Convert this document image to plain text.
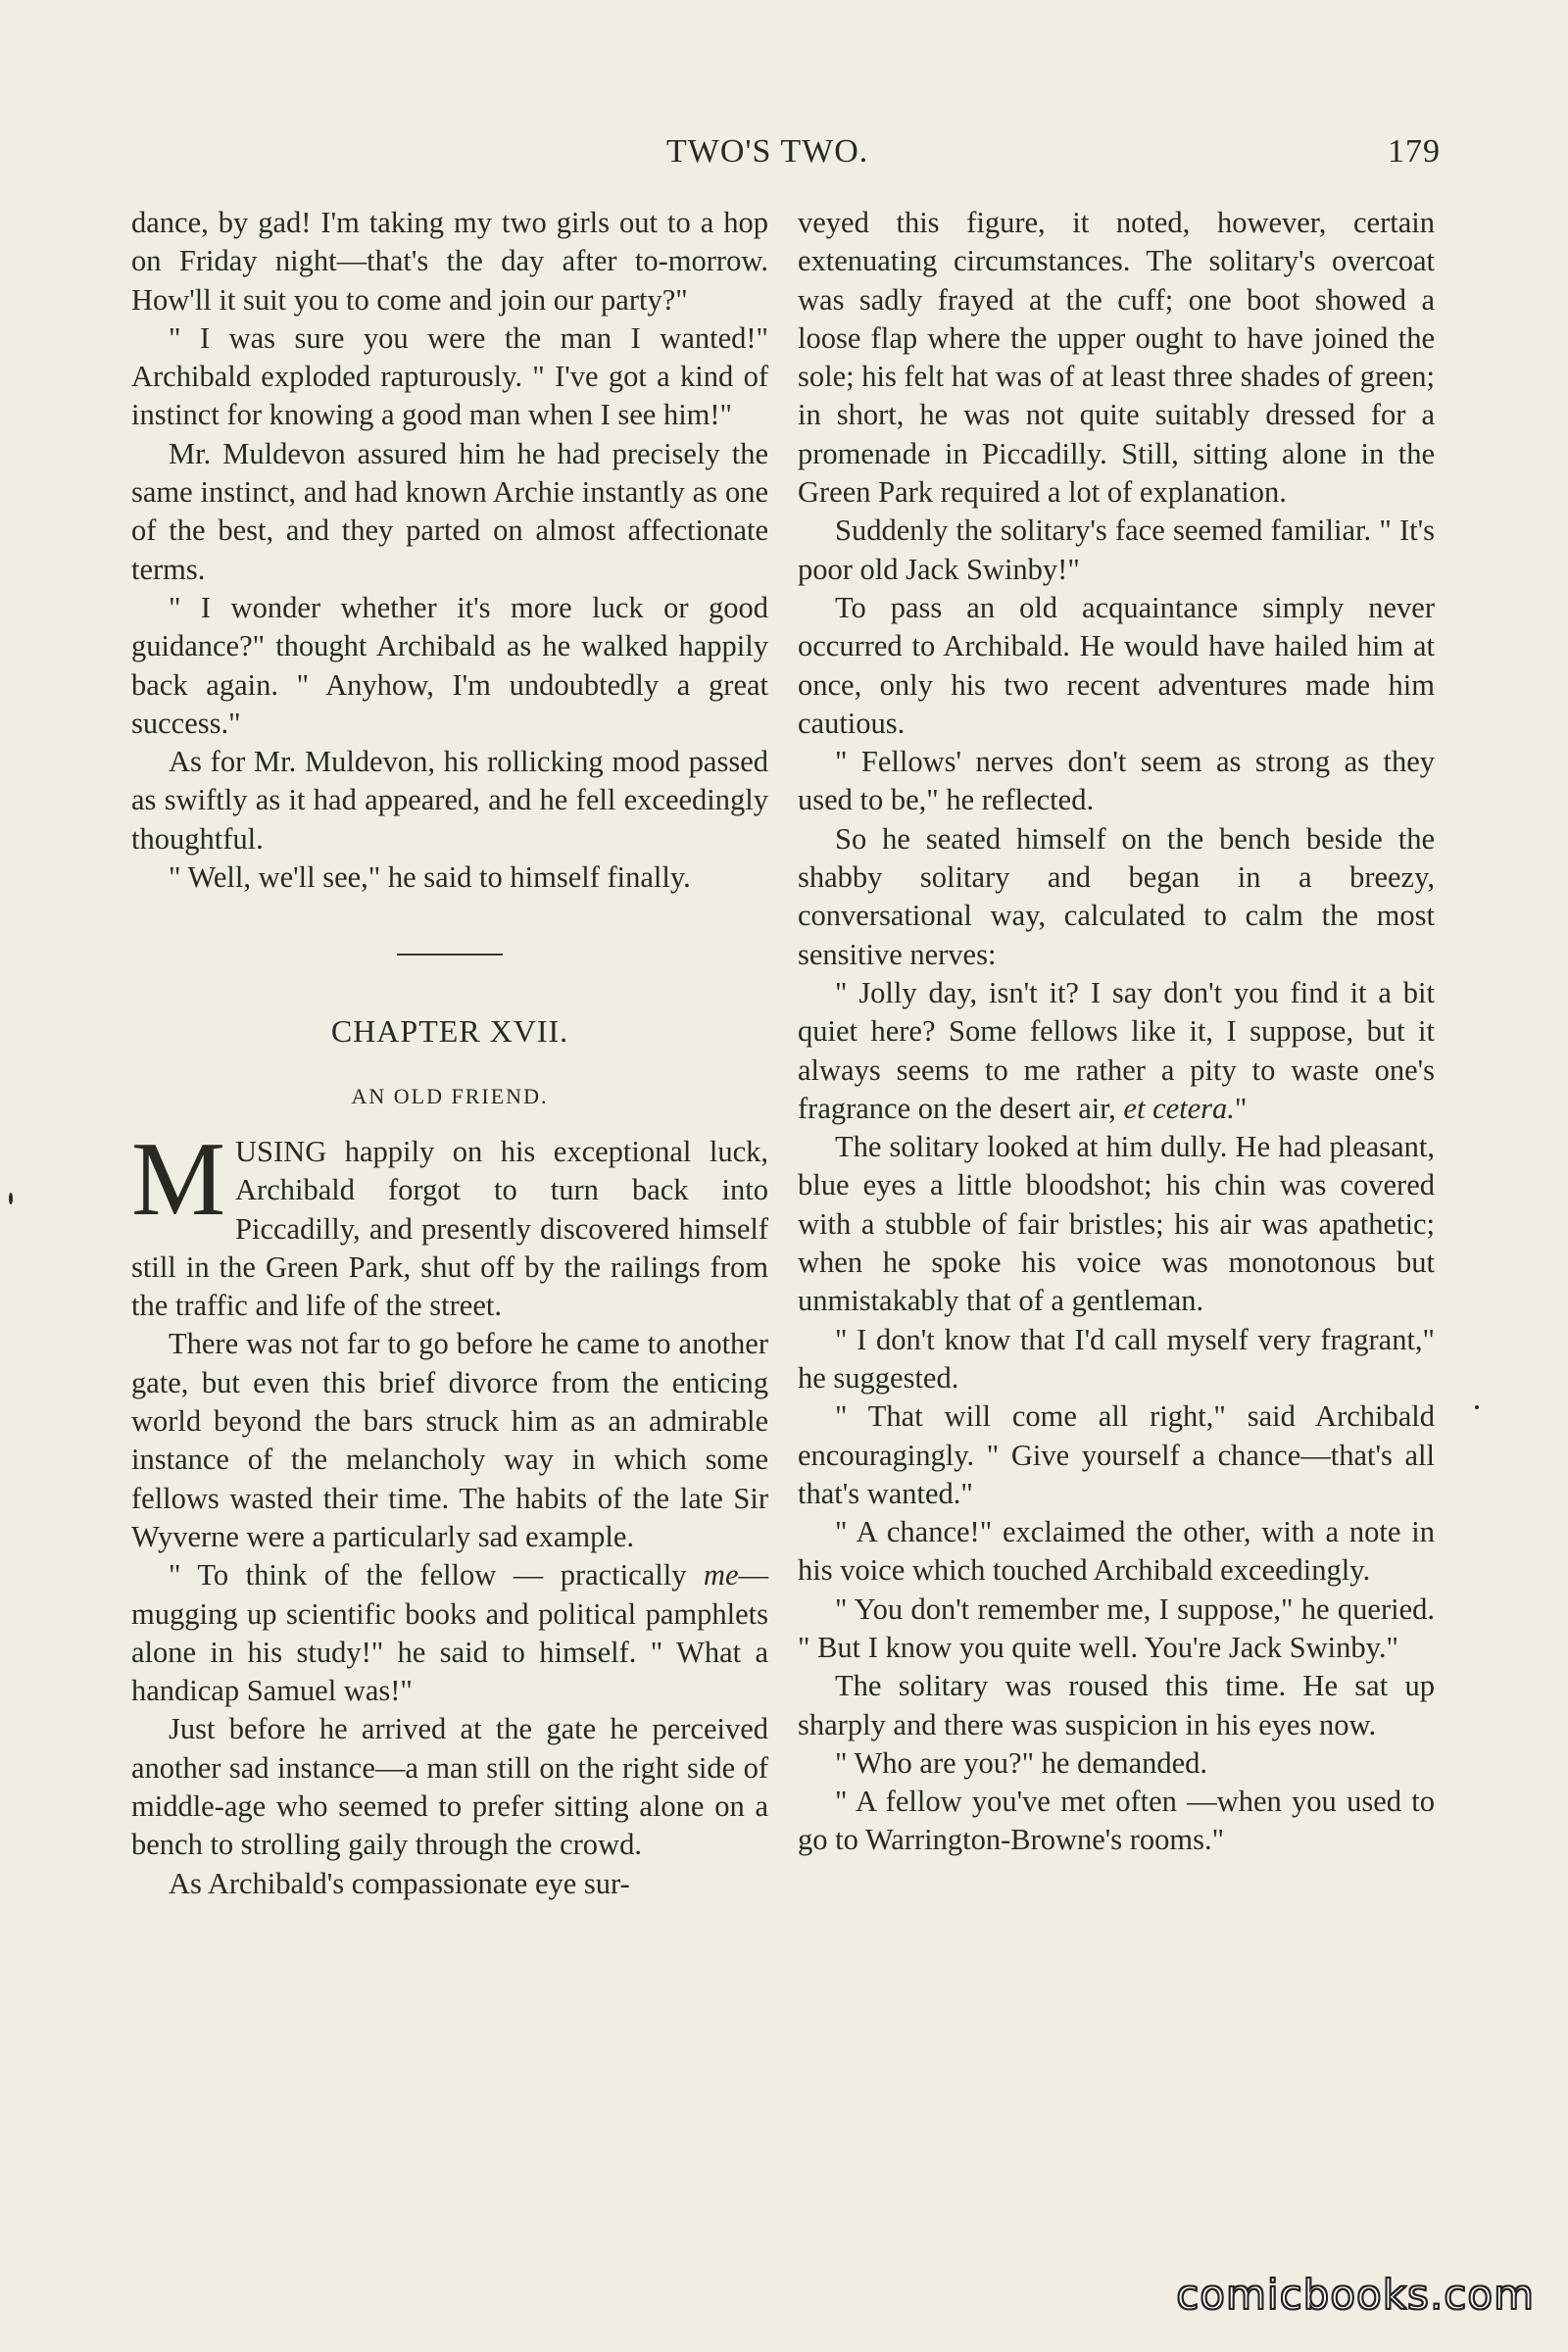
TWO'S TWO.	179

dance, by gad! I'm taking my two girls out to a hop on Friday night—that's the day after to-morrow. How'll it suit you to come and join our party?"

" I was sure you were the man I wanted!" Archibald exploded rapturously. " I've got a kind of instinct for knowing a good man when I see him!"

Mr. Muldevon assured him he had precisely the same instinct, and had known Archie instantly as one of the best, and they parted on almost affectionate terms.

" I wonder whether it's more luck or good guidance?" thought Archibald as he walked happily back again. " Anyhow, I'm undoubtedly a great success."

As for Mr. Muldevon, his rollicking mood passed as swiftly as it had appeared, and he fell exceedingly thoughtful.

" Well, we'll see," he said to himself finally.

CHAPTER XVII.
AN OLD FRIEND.

MUSING happily on his exceptional luck, Archibald forgot to turn back into Piccadilly, and presently discovered himself still in the Green Park, shut off by the railings from the traffic and life of the street.

There was not far to go before he came to another gate, but even this brief divorce from the enticing world beyond the bars struck him as an admirable instance of the melancholy way in which some fellows wasted their time. The habits of the late Sir Wyverne were a particularly sad example.

" To think of the fellow — practically me—mugging up scientific books and political pamphlets alone in his study!" he said to himself. " What a handicap Samuel was!"

Just before he arrived at the gate he perceived another sad instance—a man still on the right side of middle-age who seemed to prefer sitting alone on a bench to strolling gaily through the crowd.

As Archibald's compassionate eye sur-

veyed this figure, it noted, however, certain extenuating circumstances. The solitary's overcoat was sadly frayed at the cuff; one boot showed a loose flap where the upper ought to have joined the sole; his felt hat was of at least three shades of green; in short, he was not quite suitably dressed for a promenade in Piccadilly. Still, sitting alone in the Green Park required a lot of explanation.

Suddenly the solitary's face seemed familiar. " It's poor old Jack Swinby!"

To pass an old acquaintance simply never occurred to Archibald. He would have hailed him at once, only his two recent adventures made him cautious.

" Fellows' nerves don't seem as strong as they used to be," he reflected.

So he seated himself on the bench beside the shabby solitary and began in a breezy, conversational way, calculated to calm the most sensitive nerves:

" Jolly day, isn't it? I say don't you find it a bit quiet here? Some fellows like it, I suppose, but it always seems to me rather a pity to waste one's fragrance on the desert air, et cetera."

The solitary looked at him dully. He had pleasant, blue eyes a little bloodshot; his chin was covered with a stubble of fair bristles; his air was apathetic; when he spoke his voice was monotonous but unmistakably that of a gentleman.

" I don't know that I'd call myself very fragrant," he suggested.

" That will come all right," said Archibald encouragingly. " Give yourself a chance—that's all that's wanted."

" A chance!" exclaimed the other, with a note in his voice which touched Archibald exceedingly.

" You don't remember me, I suppose," he queried. " But I know you quite well. You're Jack Swinby."

The solitary was roused this time. He sat up sharply and there was suspicion in his eyes now.

" Who are you?" he demanded.

" A fellow you've met often —when you used to go to Warrington-Browne's rooms."

comicbooks.com
